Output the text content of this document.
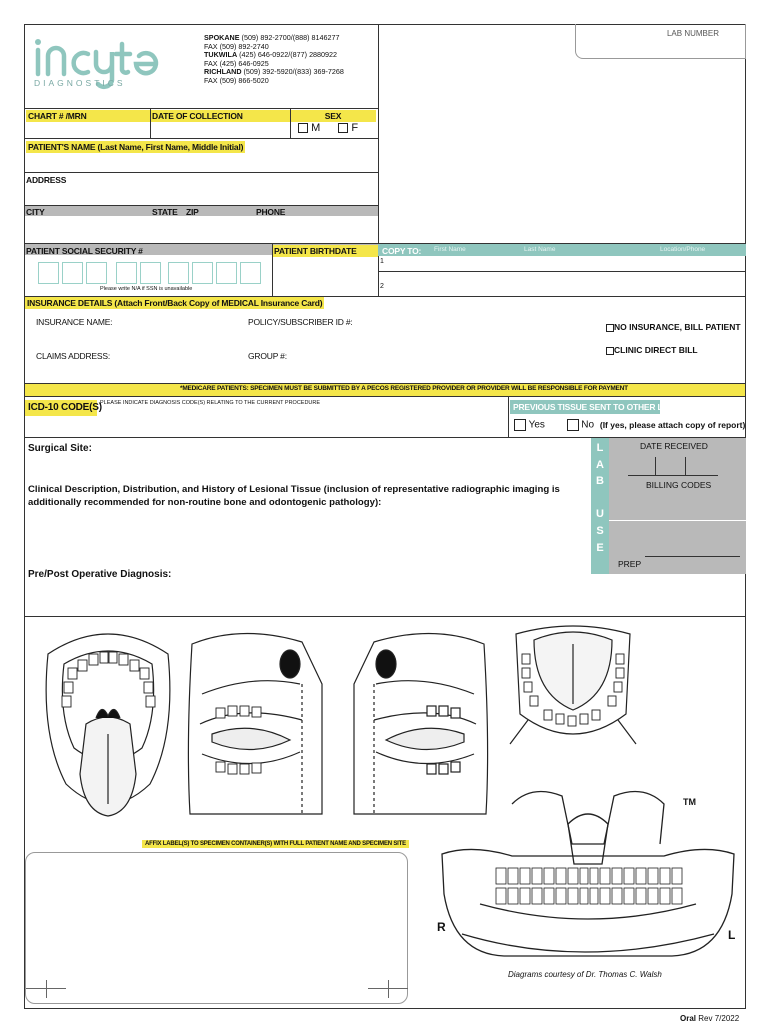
DIAGNOSTICS
SPOKANE (509) 892-2700/(888) 8146277
FAX (509) 892-2740
TUKWILA (425) 646-0922/(877) 2880922
FAX (425) 646-0925
RICHLAND (509) 392-5920/(833) 369-7268
FAX (509) 866-5020
LAB NUMBER
CHART # /MRN	DATE OF COLLECTION	SEX
M	F
PATIENT'S NAME (Last Name, First Name, Middle Initial)
ADDRESS
CITY	STATE ZIP	PHONE
PATIENT SOCIAL SECURITY #	PATIENT BIRTHDATE
Please write N/A if SSN is unavailable
COPY TO: First Name	Last Name	Location/Phone
1
2
INSURANCE DETAILS (Attach Front/Back Copy of MEDICAL Insurance Card)
INSURANCE NAME:	POLICY/SUBSCRIBER ID #:
CLAIMS ADDRESS:	GROUP #:
NO INSURANCE, BILL PATIENT
CLINIC DIRECT BILL
*MEDICARE PATIENTS: SPECIMEN MUST BE SUBMITTED BY A PECOS REGISTERED PROVIDER OR PROVIDER WILL BE RESPONSIBLE FOR PAYMENT
ICD-10 CODE(S)
PLEASE INDICATE DIAGNOSIS CODE(S) RELATING TO THE CURRENT PROCEDURE	PREVIOUS TISSUE SENT TO OTHER LAB?
Yes	No (If yes, please attach copy of report)
Surgical Site:
Clinical Description, Distribution, and History of Lesional Tissue (inclusion of representative radiographic imaging is additionally recommended for non-routine bone and odontogenic pathology):
Pre/Post Operative Diagnosis:
L
A
B
U
S
E
DATE RECEIVED
BILLING CODES
PREP
TM
R
L
Diagrams courtesy of Dr. Thomas C. Walsh
AFFIX LABEL(S) TO SPECIMEN CONTAINER(S) WITH FULL PATIENT NAME AND SPECIMEN SITE
Oral Rev 7/2022
